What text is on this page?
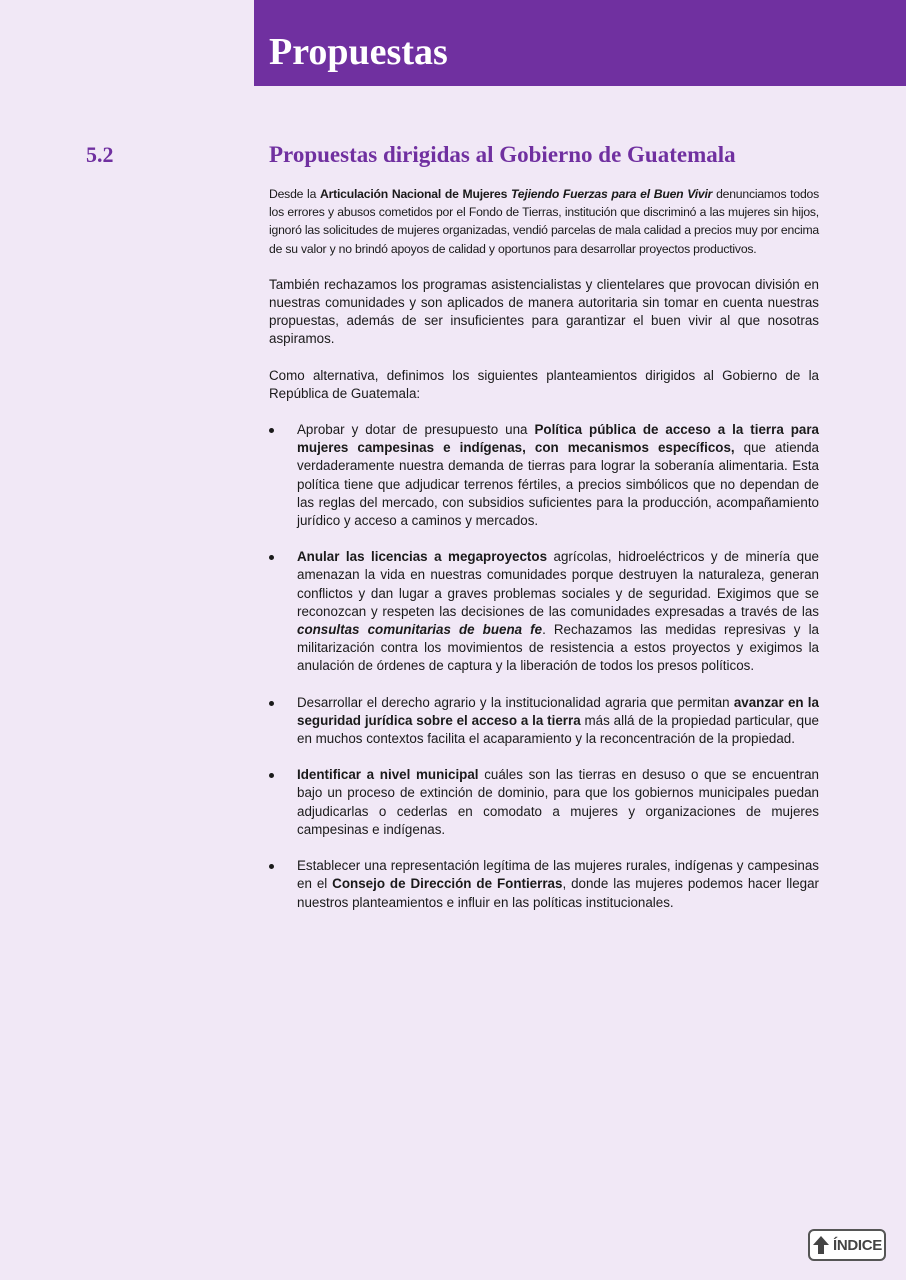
Propuestas
5.2	Propuestas dirigidas al Gobierno de Guatemala

Desde la Articulación Nacional de Mujeres Tejiendo Fuerzas para el Buen Vivir denunciamos todos los errores y abusos cometidos por el Fondo de Tierras, institución que discriminó a las mujeres sin hijos, ignoró las solicitudes de mujeres organizadas, vendió parcelas de mala calidad a precios muy por encima de su valor y no brindó apoyos de calidad y oportunos para desarrollar proyectos productivos.

También rechazamos los programas asistencialistas y clientelares que provocan división en nuestras comunidades y son aplicados de manera autoritaria sin tomar en cuenta nuestras propuestas, además de ser insuficientes para garantizar el buen vivir al que nosotras aspiramos.

Como alternativa, definimos los siguientes planteamientos dirigidos al Gobierno de la República de Guatemala:

Aprobar y dotar de presupuesto una Política pública de acceso a la tierra para mujeres campesinas e indígenas, con mecanismos específicos, que atienda verdaderamente nuestra demanda de tierras para lograr la soberanía alimentaria. Esta política tiene que adjudicar terrenos fértiles, a precios simbólicos que no dependan de las reglas del mercado, con subsidios suficientes para la producción, acompañamiento jurídico y acceso a caminos y mercados.
Anular las licencias a megaproyectos agrícolas, hidroeléctricos y de minería que amenazan la vida en nuestras comunidades porque destruyen la naturaleza, generan conflictos y dan lugar a graves problemas sociales y de seguridad. Exigimos que se reconozcan y respeten las decisiones de las comunidades expresadas a través de las consultas comunitarias de buena fe. Rechazamos las medidas represivas y la militarización contra los movimientos de resistencia a estos proyectos y exigimos la anulación de órdenes de captura y la liberación de todos los presos políticos.
Desarrollar el derecho agrario y la institucionalidad agraria que permitan avanzar en la seguridad jurídica sobre el acceso a la tierra más allá de la propiedad particular, que en muchos contextos facilita el acaparamiento y la reconcentración de la propiedad.
Identificar a nivel municipal cuáles son las tierras en desuso o que se encuentran bajo un proceso de extinción de dominio, para que los gobiernos municipales puedan adjudicarlas o cederlas en comodato a mujeres y organizaciones de mujeres campesinas e indígenas.
Establecer una representación legítima de las mujeres rurales, indígenas y campesinas en el Consejo de Dirección de Fontierras, donde las mujeres podemos hacer llegar nuestros planteamientos e influir en las políticas institucionales.
ÍNDICE
